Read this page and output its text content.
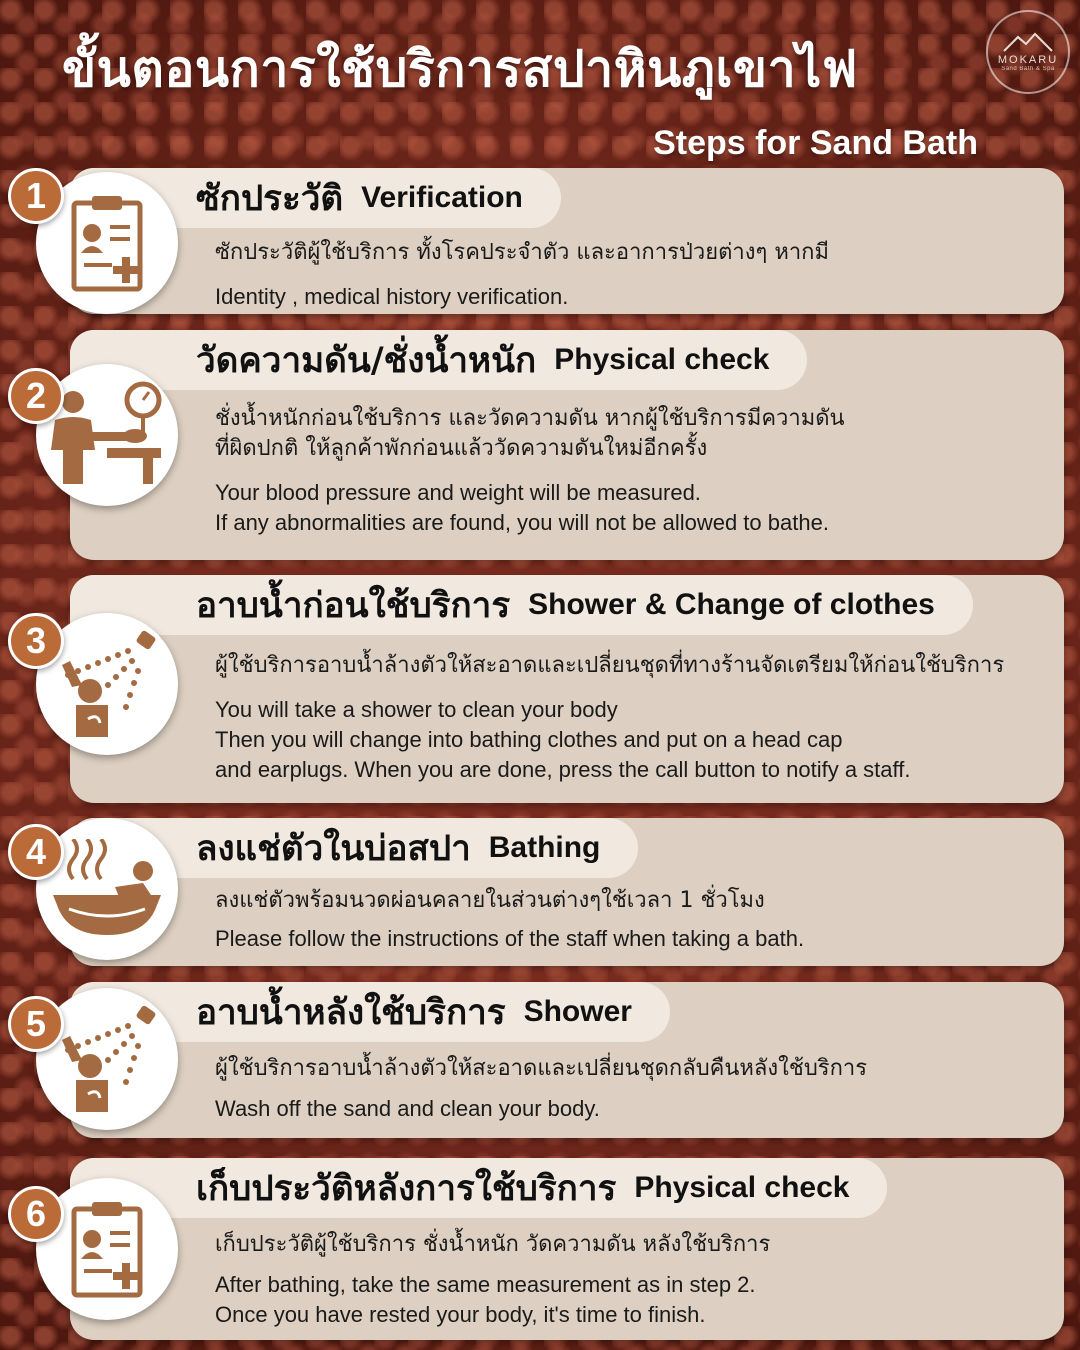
ขั้นตอนการใช้บริการสปาหินภูเขาไฟ
Steps for Sand Bath
MOKARU
Sand Bath & Spa
ซักประวัติ Verification
ซักประวัติผู้ใช้บริการ ทั้งโรคประจำตัว และอาการป่วยต่างๆ หากมี
Identity , medical history verification.
1
วัดความดัน/ชั่งน้ำหนัก Physical check
ชั่งน้ำหนักก่อนใช้บริการ และวัดความดัน หากผู้ใช้บริการมีความดัน
ที่ผิดปกติ ให้ลูกค้าพักก่อนแล้ววัดความดันใหม่อีกครั้ง
Your blood pressure and weight will be measured.
If any abnormalities are found, you will not be allowed to bathe.
2
อาบน้ำก่อนใช้บริการ Shower & Change of clothes
ผู้ใช้บริการอาบน้ำล้างตัวให้สะอาดและเปลี่ยนชุดที่ทางร้านจัดเตรียมให้ก่อนใช้บริการ
You will take a shower to clean your body
Then you will change into bathing clothes and put on a head cap
and earplugs. When you are done, press the call button to notify a staff.
3
ลงแช่ตัวในบ่อสปา Bathing
ลงแช่ตัวพร้อมนวดผ่อนคลายในส่วนต่างๆใช้เวลา 1 ชั่วโมง
Please follow the instructions of the staff when taking a bath.
4
อาบน้ำหลังใช้บริการ Shower
ผู้ใช้บริการอาบน้ำล้างตัวให้สะอาดและเปลี่ยนชุดกลับคืนหลังใช้บริการ
Wash off the sand and clean your body.
5
เก็บประวัติหลังการใช้บริการ Physical check
เก็บประวัติผู้ใช้บริการ ชั่งน้ำหนัก วัดความดัน หลังใช้บริการ
After bathing, take the same measurement as in step 2.
Once you have rested your body, it's time to finish.
6
